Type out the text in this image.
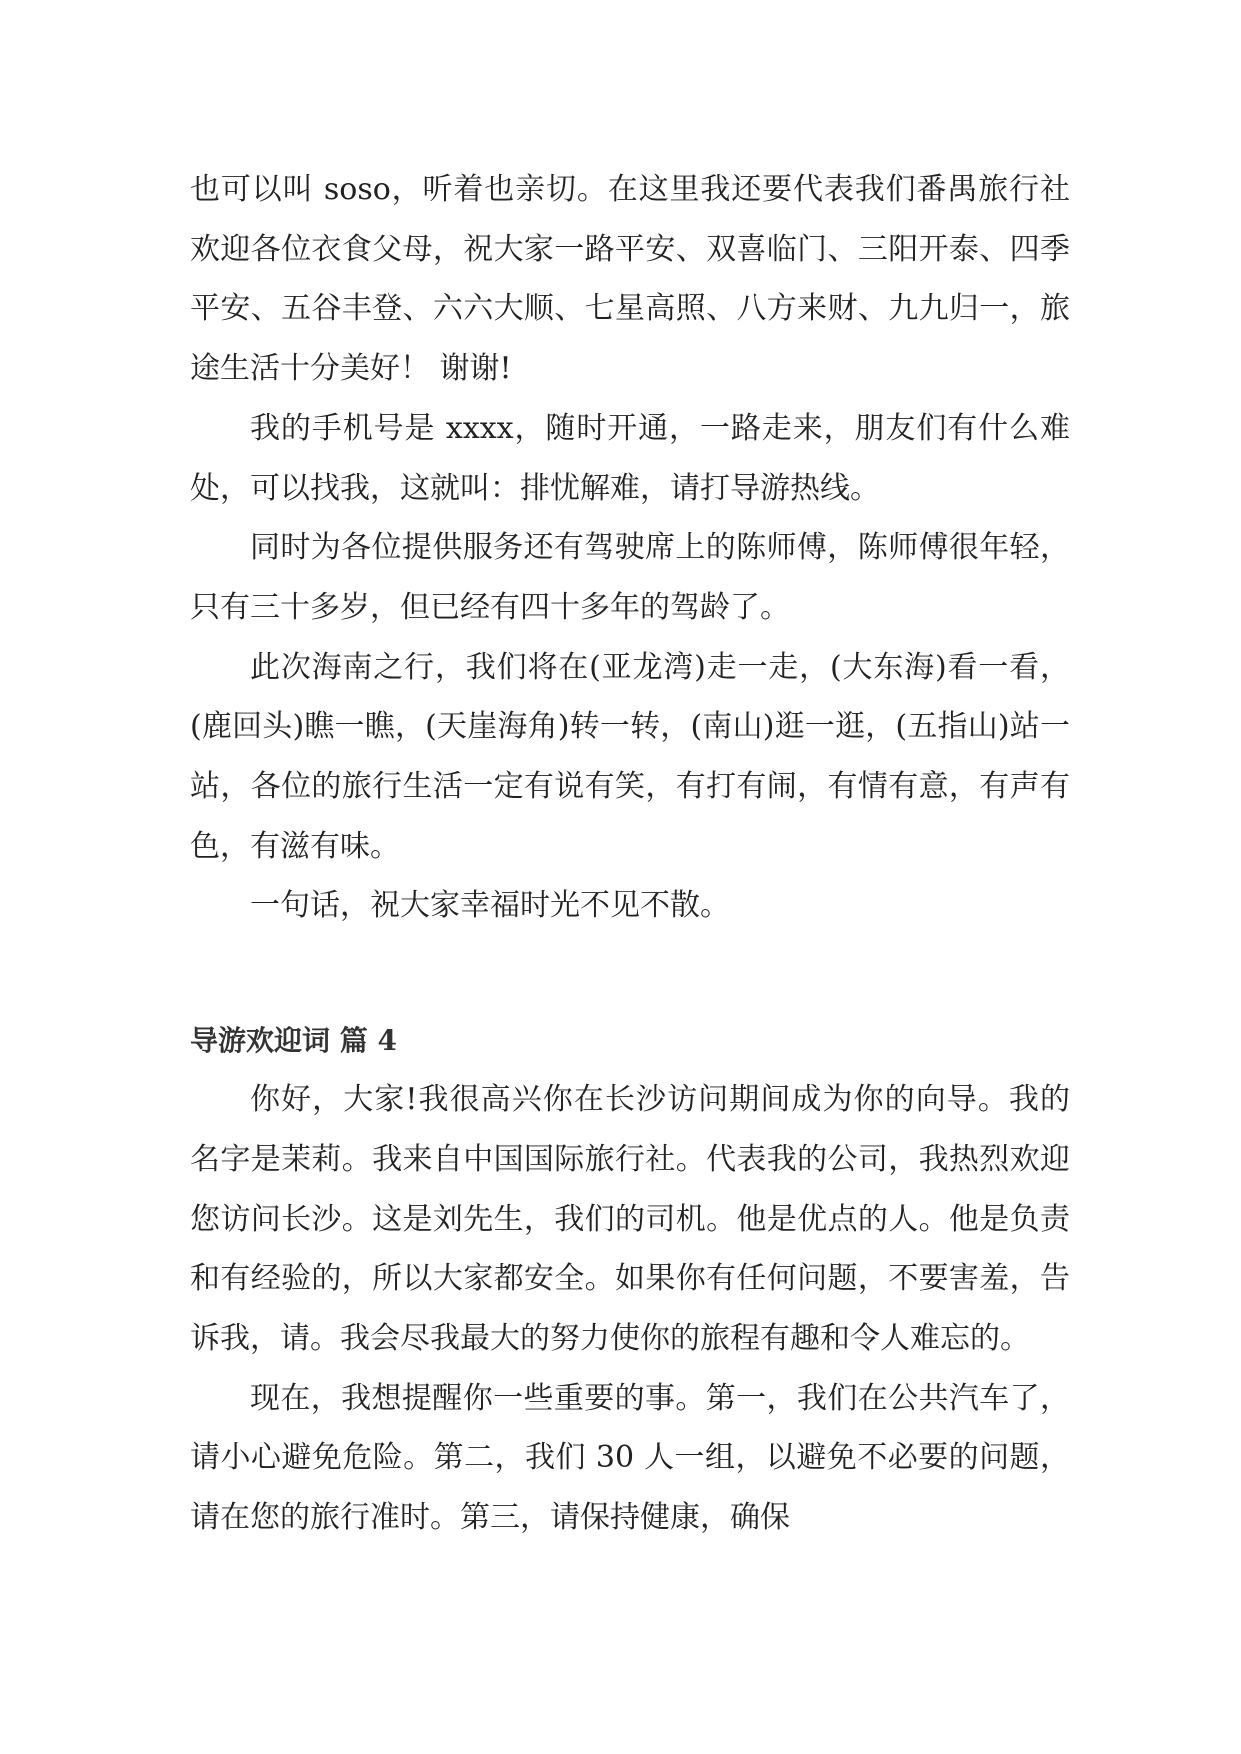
也可以叫 soso，听着也亲切。在这里我还要代表我们番禺旅行社欢迎各位衣食父母，祝大家一路平安、双喜临门、三阳开泰、四季平安、五谷丰登、六六大顺、七星高照、八方来财、九九归一，旅途生活十分美好！ 谢谢!

我的手机号是 xxxx，随时开通，一路走来，朋友们有什么难处，可以找我，这就叫：排忧解难，请打导游热线。

同时为各位提供服务还有驾驶席上的陈师傅，陈师傅很年轻，只有三十多岁，但已经有四十多年的驾龄了。

此次海南之行，我们将在(亚龙湾)走一走，(大东海)看一看，(鹿回头)瞧一瞧，(天崖海角)转一转，(南山)逛一逛，(五指山)站一站，各位的旅行生活一定有说有笑，有打有闹，有情有意，有声有色，有滋有味。

一句话，祝大家幸福时光不见不散。

导游欢迎词 篇 4

你好，大家!我很高兴你在长沙访问期间成为你的向导。我的名字是茉莉。我来自中国国际旅行社。代表我的公司，我热烈欢迎您访问长沙。这是刘先生，我们的司机。他是优点的人。他是负责和有经验的，所以大家都安全。如果你有任何问题，不要害羞，告诉我，请。我会尽我最大的努力使你的旅程有趣和令人难忘的。

现在，我想提醒你一些重要的事。第一，我们在公共汽车了，请小心避免危险。第二，我们 30 人一组，以避免不必要的问题，请在您的旅行准时。第三，请保持健康，确保
